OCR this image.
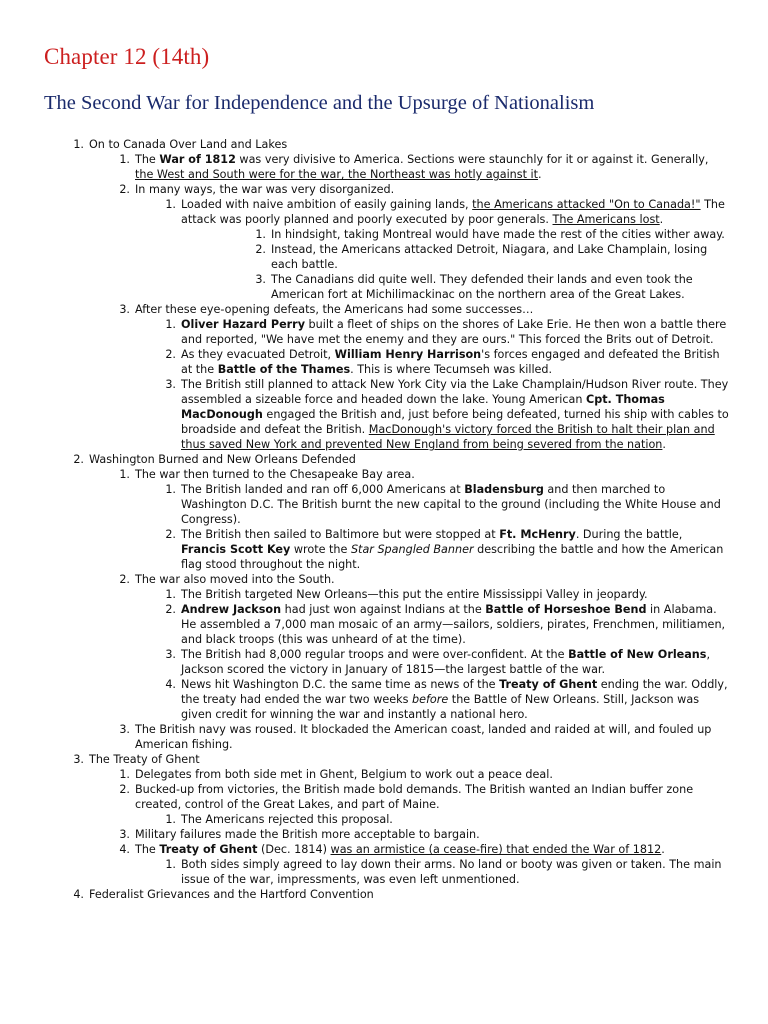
Chapter 12 (14th)
The Second War for Independence and the Upsurge of Nationalism
1. On to Canada Over Land and Lakes
1. The War of 1812 was very divisive to America. Sections were staunchly for it or against it. Generally, the West and South were for the war, the Northeast was hotly against it.
2. In many ways, the war was very disorganized.
1. Loaded with naive ambition of easily gaining lands, the Americans attacked "On to Canada!" The attack was poorly planned and poorly executed by poor generals. The Americans lost.
1. In hindsight, taking Montreal would have made the rest of the cities wither away.
2. Instead, the Americans attacked Detroit, Niagara, and Lake Champlain, losing each battle.
3. The Canadians did quite well. They defended their lands and even took the American fort at Michilimackinac on the northern area of the Great Lakes.
3. After these eye-opening defeats, the Americans had some successes…
1. Oliver Hazard Perry built a fleet of ships on the shores of Lake Erie. He then won a battle there and reported, "We have met the enemy and they are ours." This forced the Brits out of Detroit.
2. As they evacuated Detroit, William Henry Harrison's forces engaged and defeated the British at the Battle of the Thames. This is where Tecumseh was killed.
3. The British still planned to attack New York City via the Lake Champlain/Hudson River route. They assembled a sizeable force and headed down the lake. Young American Cpt. Thomas MacDonough engaged the British and, just before being defeated, turned his ship with cables to broadside and defeat the British. MacDonough's victory forced the British to halt their plan and thus saved New York and prevented New England from being severed from the nation.
2. Washington Burned and New Orleans Defended
1. The war then turned to the Chesapeake Bay area.
1. The British landed and ran off 6,000 Americans at Bladensburg and then marched to Washington D.C. The British burnt the new capital to the ground (including the White House and Congress).
2. The British then sailed to Baltimore but were stopped at Ft. McHenry. During the battle, Francis Scott Key wrote the Star Spangled Banner describing the battle and how the American flag stood throughout the night.
2. The war also moved into the South.
1. The British targeted New Orleans—this put the entire Mississippi Valley in jeopardy.
2. Andrew Jackson had just won against Indians at the Battle of Horseshoe Bend in Alabama. He assembled a 7,000 man mosaic of an army—sailors, soldiers, pirates, Frenchmen, militiamen, and black troops (this was unheard of at the time).
3. The British had 8,000 regular troops and were over-confident. At the Battle of New Orleans, Jackson scored the victory in January of 1815—the largest battle of the war.
4. News hit Washington D.C. the same time as news of the Treaty of Ghent ending the war. Oddly, the treaty had ended the war two weeks before the Battle of New Orleans. Still, Jackson was given credit for winning the war and instantly a national hero.
3. The British navy was roused. It blockaded the American coast, landed and raided at will, and fouled up American fishing.
3. The Treaty of Ghent
1. Delegates from both side met in Ghent, Belgium to work out a peace deal.
2. Bucked-up from victories, the British made bold demands. The British wanted an Indian buffer zone created, control of the Great Lakes, and part of Maine.
1. The Americans rejected this proposal.
3. Military failures made the British more acceptable to bargain.
4. The Treaty of Ghent (Dec. 1814) was an armistice (a cease-fire) that ended the War of 1812.
1. Both sides simply agreed to lay down their arms. No land or booty was given or taken. The main issue of the war, impressments, was even left unmentioned.
4. Federalist Grievances and the Hartford Convention
